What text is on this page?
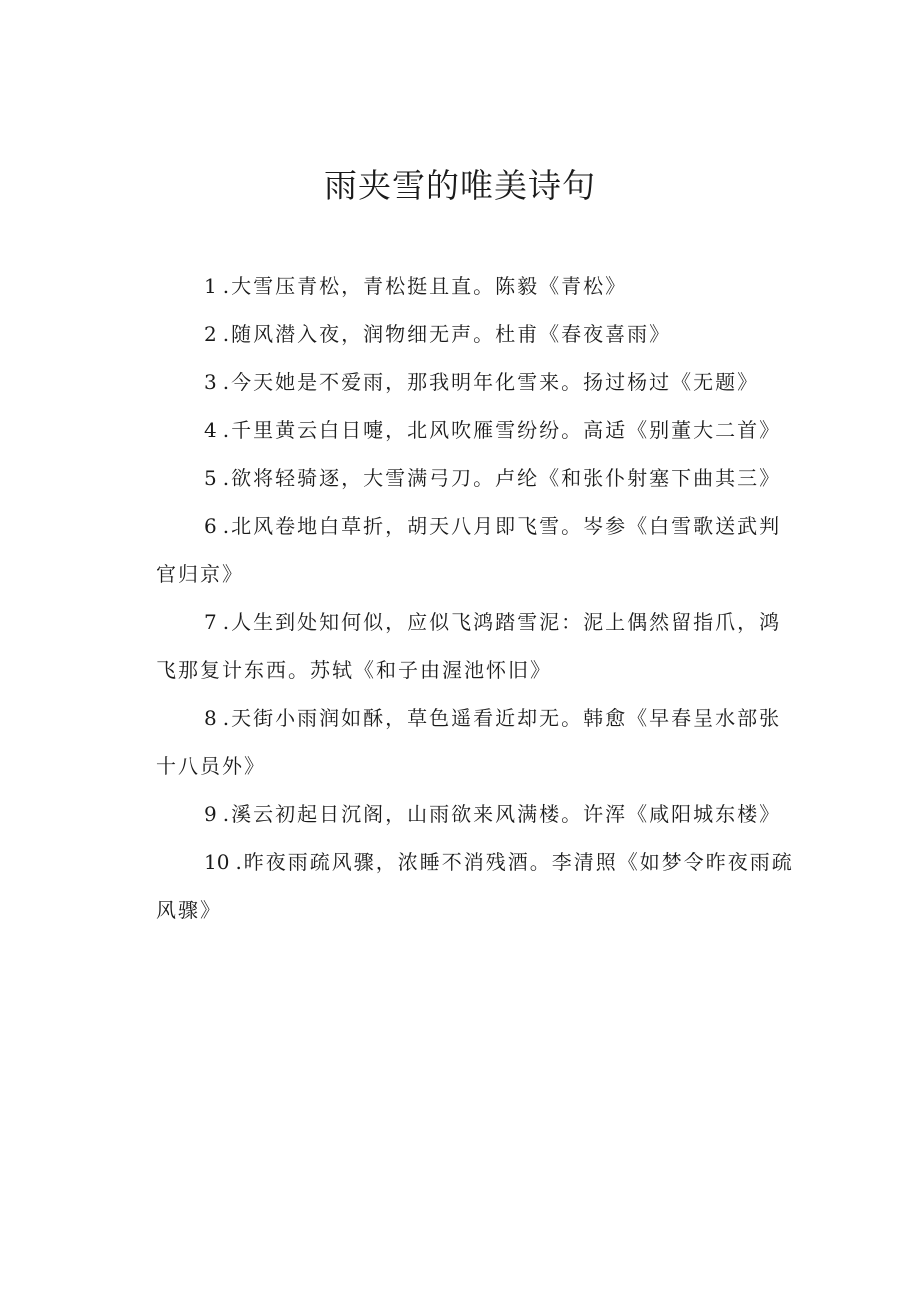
雨夹雪的唯美诗句
1 .大雪压青松，青松挺且直。陈毅《青松》
2 .随风潜入夜，润物细无声。杜甫《春夜喜雨》
3 .今天她是不爱雨，那我明年化雪来。扬过杨过《无题》
4 .千里黄云白日嚏，北风吹雁雪纷纷。高适《别董大二首》
5 .欲将轻骑逐，大雪满弓刀。卢纶《和张仆射塞下曲其三》
6 .北风卷地白草折，胡天八月即飞雪。岑参《白雪歌送武判官归京》
7 .人生到处知何似，应似飞鸿踏雪泥：泥上偶然留指爪，鸿飞那复计东西。苏轼《和子由渥池怀旧》
8 .天街小雨润如酥，草色遥看近却无。韩愈《早春呈水部张十八员外》
9 .溪云初起日沉阁，山雨欲来风满楼。许浑《咸阳城东楼》
10 .昨夜雨疏风骤，浓睡不消残酒。李清照《如梦令昨夜雨疏风骤》
